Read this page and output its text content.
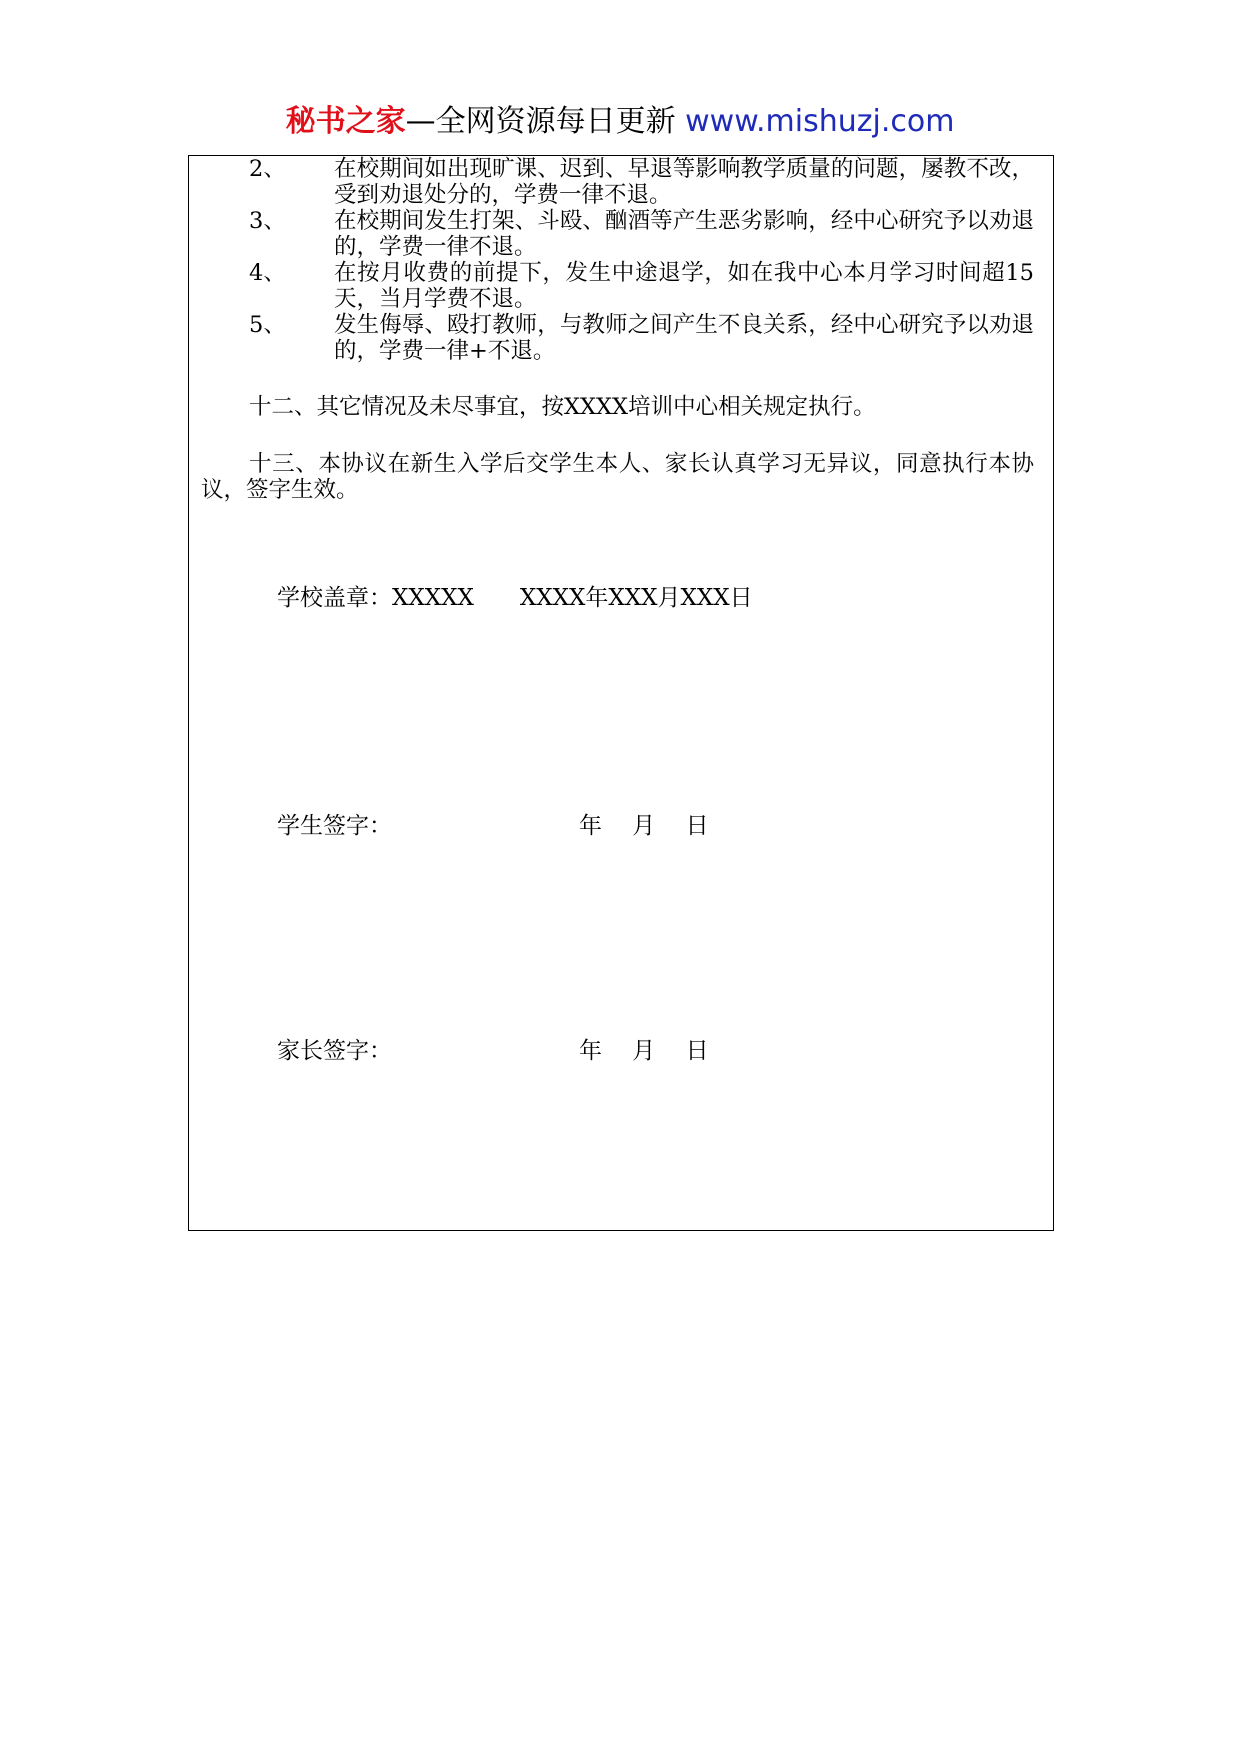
秘书之家—全网资源每日更新 www.mishuzj.com
2、	在校期间如出现旷课、迟到、早退等影响教学质量的问题，屡教不改，受到劝退处分的，学费一律不退。
3、	在校期间发生打架、斗殴、酗酒等产生恶劣影响，经中心研究予以劝退的，学费一律不退。
4、	在按月收费的前提下，发生中途退学，如在我中心本月学习时间超15天，当月学费不退。
5、	发生侮辱、殴打教师，与教师之间产生不良关系，经中心研究予以劝退的，学费一律+不退。

十二、其它情况及未尽事宜，按XXXX培训中心相关规定执行。

十三、本协议在新生入学后交学生本人、家长认真学习无异议，同意执行本协议，签字生效。

学校盖章：XXXXX　　XXXX年XXX月XXX日
学生签字：	年　 月　 日
家长签字：	年　 月　 日
